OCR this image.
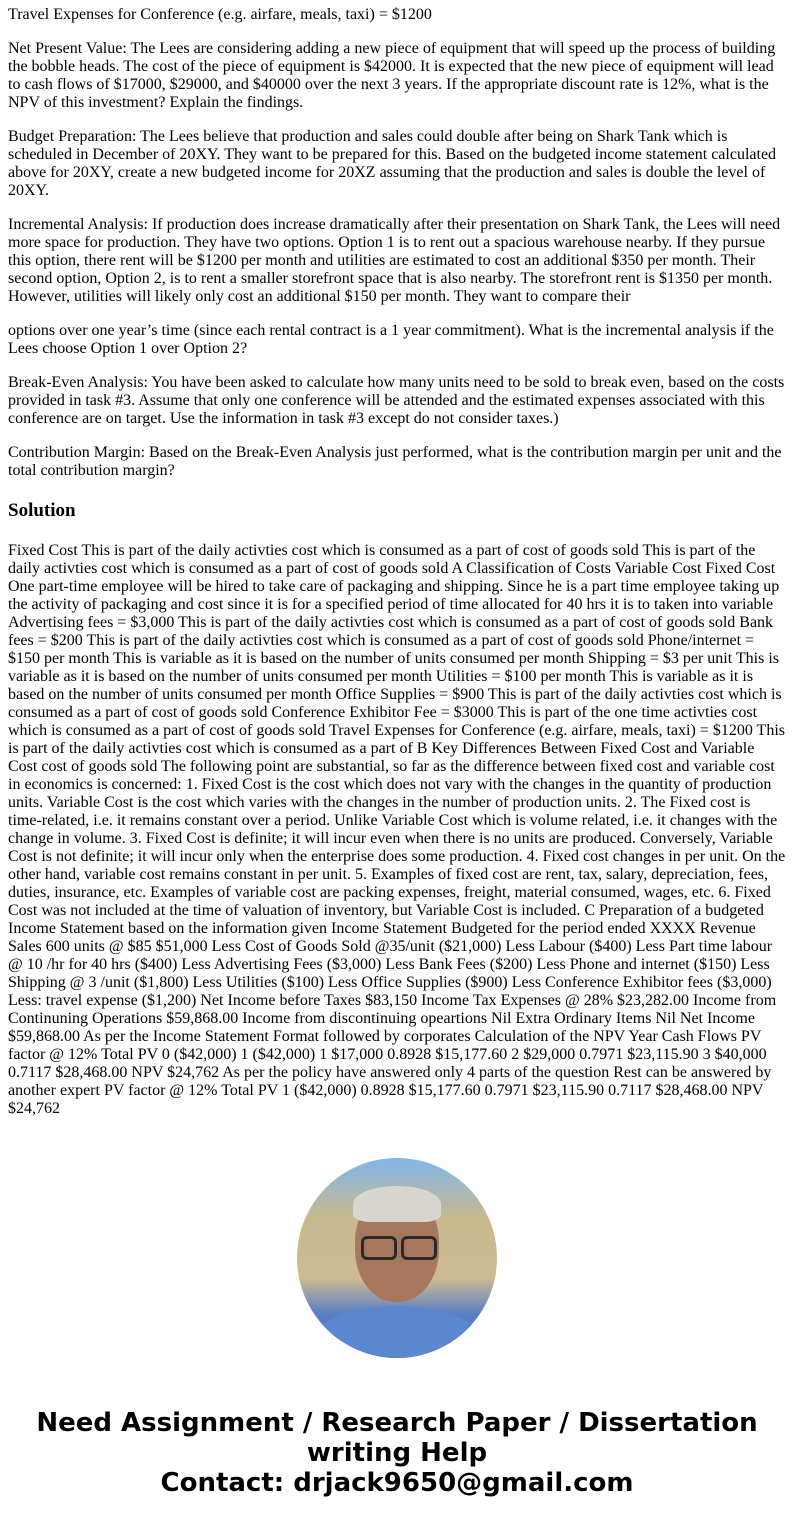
Travel Expenses for Conference (e.g. airfare, meals, taxi) = $1200

Net Present Value: The Lees are considering adding a new piece of equipment that will speed up the process of building the bobble heads. The cost of the piece of equipment is $42000. It is expected that the new piece of equipment will lead to cash flows of $17000, $29000, and $40000 over the next 3 years. If the appropriate discount rate is 12%, what is the NPV of this investment? Explain the findings.

Budget Preparation: The Lees believe that production and sales could double after being on Shark Tank which is scheduled in December of 20XY. They want to be prepared for this. Based on the budgeted income statement calculated above for 20XY, create a new budgeted income for 20XZ assuming that the production and sales is double the level of 20XY.

Incremental Analysis: If production does increase dramatically after their presentation on Shark Tank, the Lees will need more space for production. They have two options. Option 1 is to rent out a spacious warehouse nearby. If they pursue this option, there rent will be $1200 per month and utilities are estimated to cost an additional $350 per month. Their second option, Option 2, is to rent a smaller storefront space that is also nearby. The storefront rent is $1350 per month. However, utilities will likely only cost an additional $150 per month. They want to compare their

options over one year’s time (since each rental contract is a 1 year commitment). What is the incremental analysis if the Lees choose Option 1 over Option 2?

Break-Even Analysis: You have been asked to calculate how many units need to be sold to break even, based on the costs provided in task #3. Assume that only one conference will be attended and the estimated expenses associated with this conference are on target. Use the information in task #3 except do not consider taxes.)

Contribution Margin: Based on the Break-Even Analysis just performed, what is the contribution margin per unit and the total contribution margin?

Solution

Fixed Cost This is part of the daily activties cost which is consumed as a part of cost of goods sold This is part of the daily activties cost which is consumed as a part of cost of goods sold A Classification of Costs Variable Cost Fixed Cost One part-time employee will be hired to take care of packaging and shipping. Since he is a part time employee taking up the activity of packaging and cost since it is for a specified period of time allocated for 40 hrs it is to taken into variable Advertising fees = $3,000 This is part of the daily activties cost which is consumed as a part of cost of goods sold Bank fees = $200 This is part of the daily activties cost which is consumed as a part of cost of goods sold Phone/internet = $150 per month This is variable as it is based on the number of units consumed per month Shipping = $3 per unit This is variable as it is based on the number of units consumed per month Utilities = $100 per month This is variable as it is based on the number of units consumed per month Office Supplies = $900 This is part of the daily activties cost which is consumed as a part of cost of goods sold Conference Exhibitor Fee = $3000 This is part of the one time activties cost which is consumed as a part of cost of goods sold Travel Expenses for Conference (e.g. airfare, meals, taxi) = $1200 This is part of the daily activties cost which is consumed as a part of B Key Differences Between Fixed Cost and Variable Cost cost of goods sold The following point are substantial, so far as the difference between fixed cost and variable cost in economics is concerned: 1. Fixed Cost is the cost which does not vary with the changes in the quantity of production units. Variable Cost is the cost which varies with the changes in the number of production units. 2. The Fixed cost is time-related, i.e. it remains constant over a period. Unlike Variable Cost which is volume related, i.e. it changes with the change in volume. 3. Fixed Cost is definite; it will incur even when there is no units are produced. Conversely, Variable Cost is not definite; it will incur only when the enterprise does some production. 4. Fixed cost changes in per unit. On the other hand, variable cost remains constant in per unit. 5. Examples of fixed cost are rent, tax, salary, depreciation, fees, duties, insurance, etc. Examples of variable cost are packing expenses, freight, material consumed, wages, etc. 6. Fixed Cost was not included at the time of valuation of inventory, but Variable Cost is included. C Preparation of a budgeted Income Statement based on the information given Income Statement Budgeted for the period ended XXXX Revenue Sales 600 units @ $85 $51,000 Less Cost of Goods Sold @35/unit ($21,000) Less Labour ($400) Less Part time labour @ 10 /hr for 40 hrs ($400) Less Advertising Fees ($3,000) Less Bank Fees ($200) Less Phone and internet ($150) Less Shipping @ 3 /unit ($1,800) Less Utilities ($100) Less Office Supplies ($900) Less Conference Exhibitor fees ($3,000) Less: travel expense ($1,200) Net Income before Taxes $83,150 Income Tax Expenses @ 28% $23,282.00 Income from Continuning Operations $59,868.00 Income from discontinuing opeartions Nil Extra Ordinary Items Nil Net Income $59,868.00 As per the Income Statement Format followed by corporates Calculation of the NPV Year Cash Flows PV factor @ 12% Total PV 0 ($42,000) 1 ($42,000) 1 $17,000 0.8928 $15,177.60 2 $29,000 0.7971 $23,115.90 3 $40,000 0.7117 $28,468.00 NPV $24,762 As per the policy have answered only 4 parts of the question Rest can be answered by another expert PV factor @ 12% Total PV 1 ($42,000) 0.8928 $15,177.60 0.7971 $23,115.90 0.7117 $28,468.00 NPV $24,762

Need Assignment / Research Paper / Dissertation writing Help
Contact: drjack9650@gmail.com
